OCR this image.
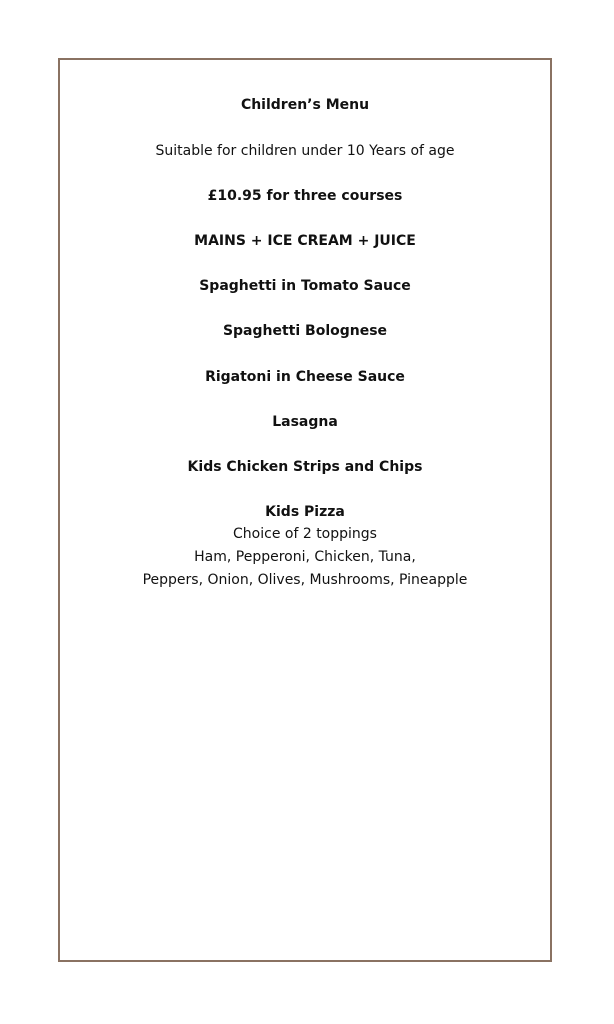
Children’s Menu
Suitable for children under 10 Years of age
£10.95 for three courses
MAINS + ICE CREAM + JUICE
Spaghetti in Tomato Sauce
Spaghetti Bolognese
Rigatoni in Cheese Sauce
Lasagna
Kids Chicken Strips and Chips
Kids Pizza
Choice of 2 toppings
Ham, Pepperoni, Chicken, Tuna,
Peppers, Onion, Olives, Mushrooms, Pineapple
